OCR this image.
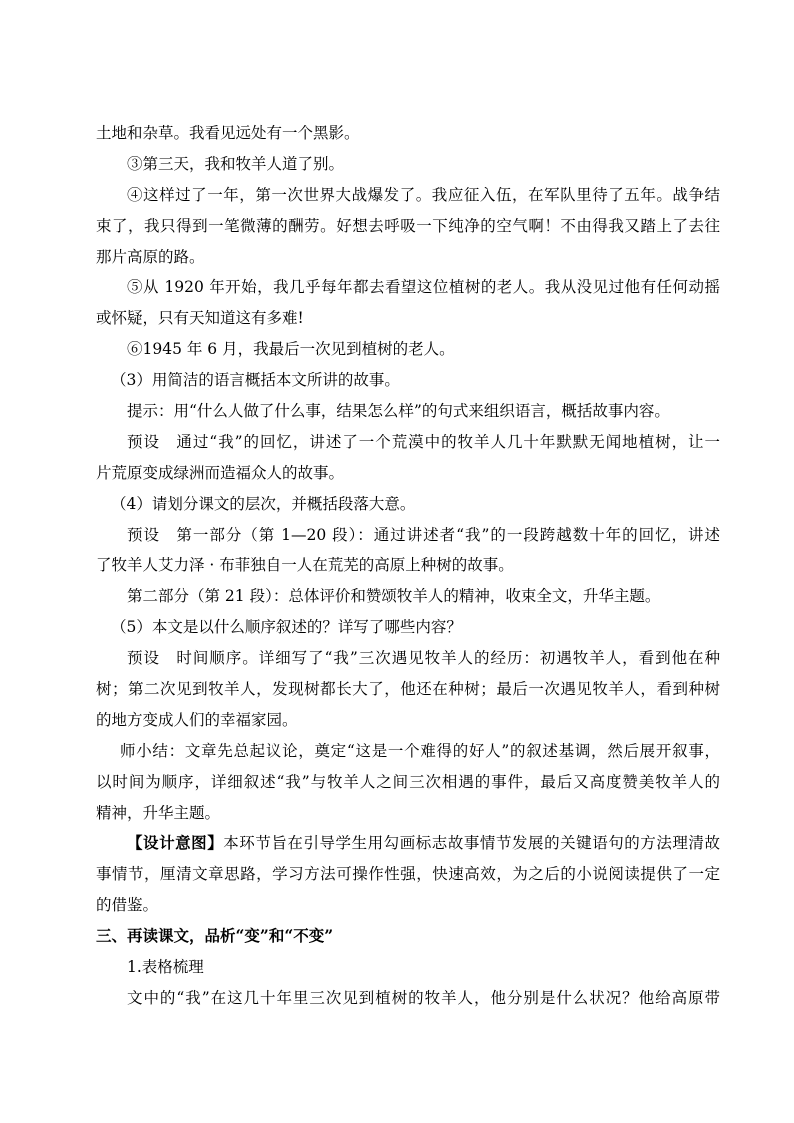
土地和杂草。我看见远处有一个黑影。
③第三天，我和牧羊人道了别。
④这样过了一年，第一次世界大战爆发了。我应征入伍，在军队里待了五年。战争结
束了，我只得到一笔微薄的酬劳。好想去呼吸一下纯净的空气啊！不由得我又踏上了去往
那片高原的路。
⑤从 1920 年开始，我几乎每年都去看望这位植树的老人。我从没见过他有任何动摇
或怀疑，只有天知道这有多难!
⑥1945 年 6 月，我最后一次见到植树的老人。
（3）用简洁的语言概括本文所讲的故事。
提示：用“什么人做了什么事，结果怎么样”的句式来组织语言，概括故事内容。
预设　通过“我”的回忆，讲述了一个荒漠中的牧羊人几十年默默无闻地植树，让一
片荒原变成绿洲而造福众人的故事。
（4）请划分课文的层次，并概括段落大意。
预设　第一部分（第 1—20 段）：通过讲述者“我”的一段跨越数十年的回忆，讲述
了牧羊人艾力泽 · 布菲独自一人在荒芜的高原上种树的故事。
第二部分（第 21 段）：总体评价和赞颂牧羊人的精神，收束全文，升华主题。
（5）本文是以什么顺序叙述的？详写了哪些内容？
预设　时间顺序。详细写了“我”三次遇见牧羊人的经历：初遇牧羊人，看到他在种
树；第二次见到牧羊人，发现树都长大了，他还在种树；最后一次遇见牧羊人，看到种树
的地方变成人们的幸福家园。
师小结：文章先总起议论，奠定“这是一个难得的好人”的叙述基调，然后展开叙事，
以时间为顺序，详细叙述“我”与牧羊人之间三次相遇的事件，最后又高度赞美牧羊人的
精神，升华主题。
【设计意图】本环节旨在引导学生用勾画标志故事情节发展的关键语句的方法理清故
事情节，厘清文章思路，学习方法可操作性强，快速高效，为之后的小说阅读提供了一定
的借鉴。
三、再读课文，品析“变”和“不变”
1.表格梳理
文中的“我”在这几十年里三次见到植树的牧羊人，他分别是什么状况？他给高原带
